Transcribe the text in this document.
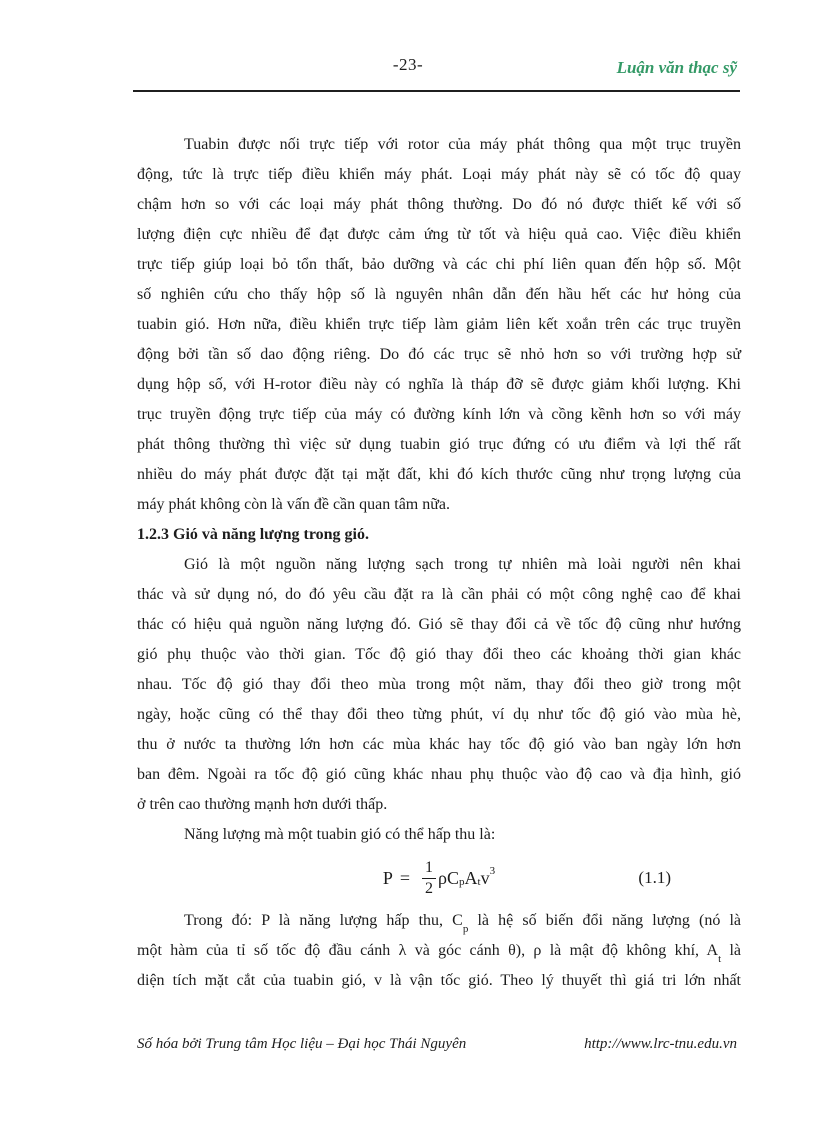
-23-	Luận văn thạc sỹ
Tuabin được nối trực tiếp với rotor của máy phát thông qua một trục truyền
động, tức là trực tiếp điều khiển máy phát. Loại máy phát này sẽ có tốc độ quay
chậm hơn so với các loại máy phát thông thường. Do đó nó được thiết kế với số
lượng điện cực nhiều để đạt được cảm ứng từ tốt và hiệu quả cao. Việc điều khiển
trực tiếp giúp loại bỏ tổn thất, bảo dưỡng và các chi phí liên quan đến hộp số. Một
số nghiên cứu cho thấy hộp số là nguyên nhân dẫn đến hầu hết các hư hỏng của
tuabin gió. Hơn nữa, điều khiển trực tiếp làm giảm liên kết xoắn trên các trục truyền
động bởi tần số dao động riêng. Do đó các trục sẽ nhỏ hơn so với trường hợp sử
dụng hộp số, với H-rotor điều này có nghĩa là tháp đỡ sẽ được giảm khối lượng. Khi
trục truyền động trực tiếp của máy có đường kính lớn và cồng kềnh hơn so với máy
phát thông thường thì việc sử dụng tuabin gió trục đứng có ưu điểm và lợi thế rất
nhiều do máy phát được đặt tại mặt đất, khi đó kích thước cũng như trọng lượng của
máy phát không còn là vấn đề cần quan tâm nữa.
1.2.3 Gió và năng lượng trong gió.
Gió là một nguồn năng lượng sạch trong tự nhiên mà loài người nên khai
thác và sử dụng nó, do đó yêu cầu đặt ra là cần phải có một công nghệ cao để khai
thác có hiệu quả nguồn năng lượng đó. Gió sẽ thay đổi cả về tốc độ cũng như hướng
gió phụ thuộc vào thời gian. Tốc độ gió thay đổi theo các khoảng thời gian khác
nhau. Tốc độ gió thay đổi theo mùa trong một năm, thay đổi theo giờ trong một
ngày, hoặc cũng có thể thay đổi theo từng phút, ví dụ như tốc độ gió vào mùa hè,
thu ở nước ta thường lớn hơn các mùa khác hay tốc độ gió vào ban ngày lớn hơn
ban đêm. Ngoài ra tốc độ gió cũng khác nhau phụ thuộc vào độ cao và địa hình, gió
ở trên cao thường mạnh hơn dưới thấp.
Năng lượng mà một tuabin gió có thể hấp thu là:
$P = \frac{1}{2}$ ρC p A t v 3	(1.1)
Trong đó: P là năng lượng hấp thu, $C_p$ là hệ số biến đổi năng lượng (nó là
một hàm của tỉ số tốc độ đầu cánh λ và góc cánh θ), ρ là mật độ không khí, $A_t$ là
diện tích mặt cắt của tuabin gió, v là vận tốc gió. Theo lý thuyết thì giá tri lớn nhất
Số hóa bởi Trung tâm Học liệu – Đại học Thái Nguyên	http://www.lrc-tnu.edu.vn
